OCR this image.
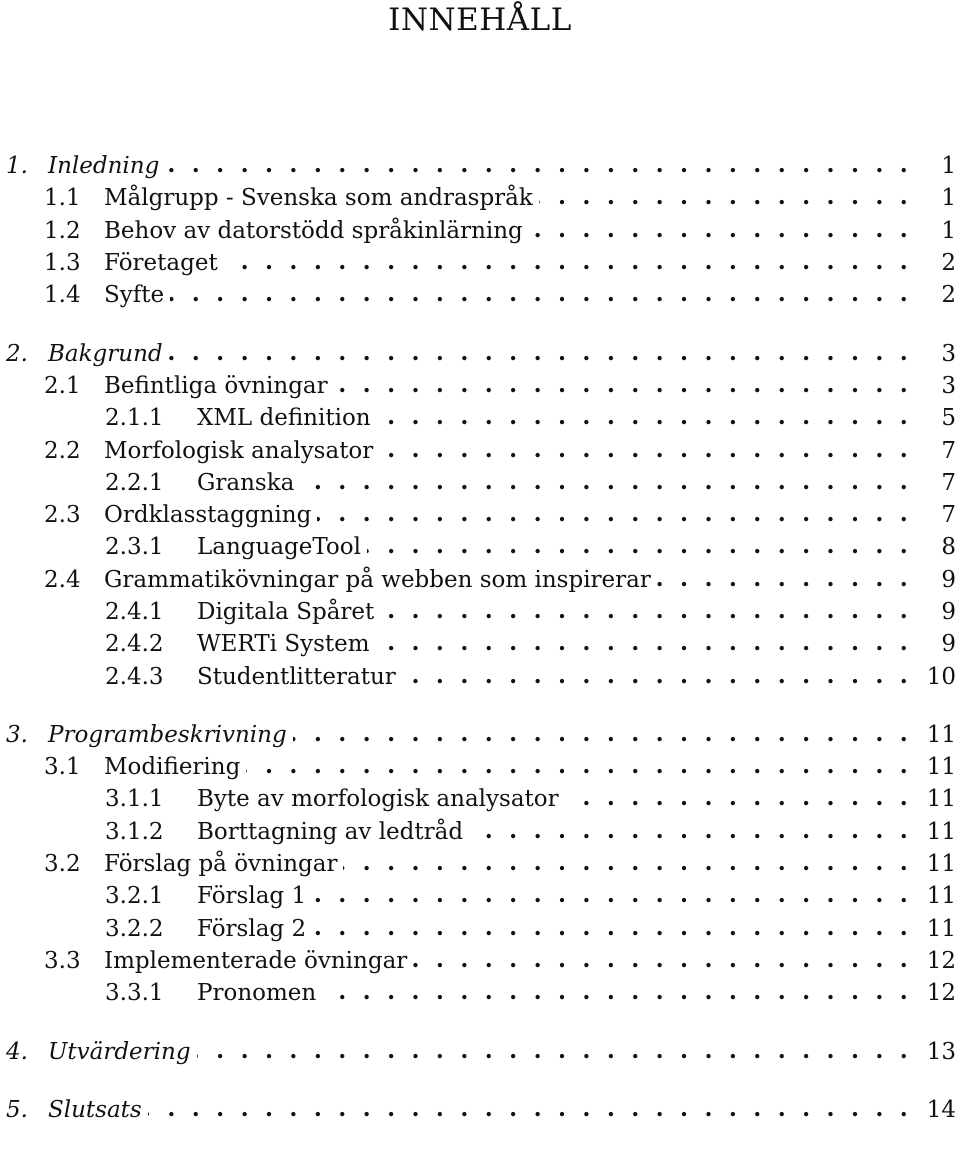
INNEHÅLL
1. Inledning . . .	1
1.1	Målgrupp - Svenska som andraspråk . . .	1
1.2	Behov av datorstödd språkinlärning . . .	1
1.3	Företaget . . .	2
1.4	Syfte . . .	2
2. Bakgrund . . .	3
2.1	Befintliga övningar . . .	3
2.1.1	XML definition . . .	5
2.2	Morfologisk analysator . . .	7
2.2.1	Granska . . .	7
2.3	Ordklasstaggning . . .	7
2.3.1	LanguageTool . . .	8
2.4	Grammatikövningar på webben som inspirerar . . .	9
2.4.1	Digitala Spåret . . .	9
2.4.2	WERTi System . . .	9
2.4.3	Studentlitteratur . . .	10
3. Programbeskrivning . . .	11
3.1	Modifiering . . .	11
3.1.1	Byte av morfologisk analysator . . .	11
3.1.2	Borttagning av ledtråd . . .	11
3.2	Förslag på övningar . . .	11
3.2.1	Förslag 1 . . .	11
3.2.2	Förslag 2 . . .	11
3.3	Implementerade övningar . . .	12
3.3.1	Pronomen . . .	12
4. Utvärdering . . .	13
5. Slutsats . . .	14
